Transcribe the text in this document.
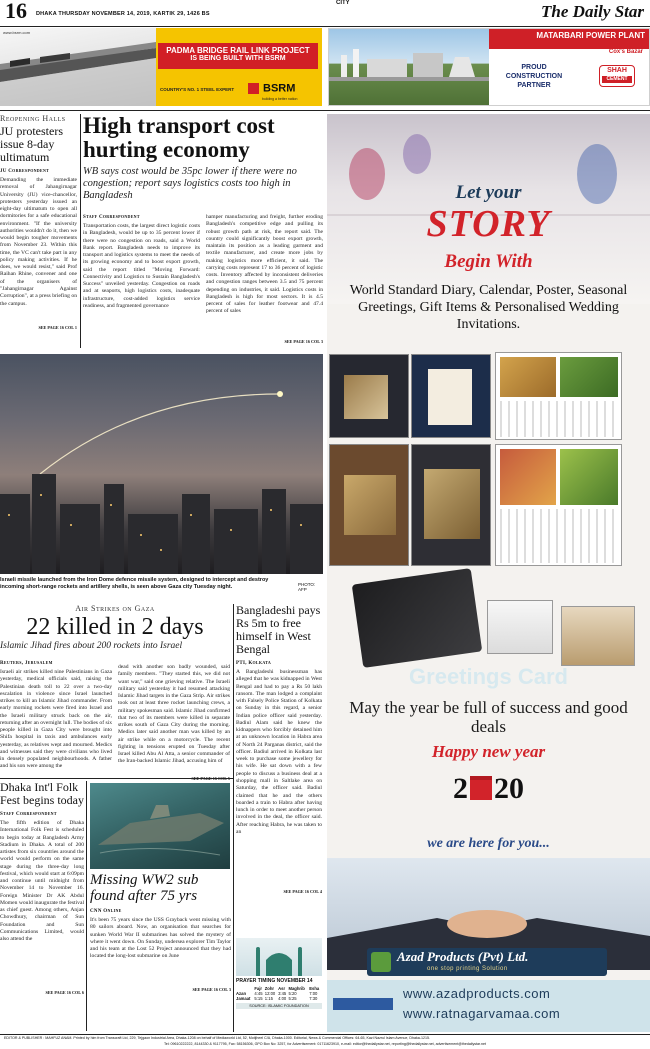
16 DHAKA THURSDAY NOVEMBER 14, 2019, KARTIK 29, 1426 BS
CITY	The Daily Star
www.bsrm.com
PADMA BRIDGE RAIL LINK PROJECT
IS BEING BUILT WITH BSRM
COUNTRY'S NO. 1 STEEL EXPERT	BSRM
building a better nation
MATARBARI POWER PLANT
Cox's Bazar
PROUD
CONSTRUCTION
PARTNER
SHAH
CEMENT
Reopening Halls
JU protesters issue 8-day ultimatum
JU Correspondent
Demanding the immediate removal of Jahangirnagar University (JU) vice-chancellor, protesters yesterday issued an eight-day ultimatum to open all dormitories for a safe educational environment. "If the university authorities wouldn't do it, then we would begin tougher movements from November 23. Within this time, the VC can't take part in any policy making activities. If he does, we would resist," said Prof Raihan Rhine, convener and one of the organisers of "Jahangirnagar Against Corruption", at a press briefing on the campus.
SEE PAGE 16 COL 1
High transport cost hurting economy
WB says cost would be 35pc lower if there were no congestion; report says logistics costs too high in Bangladesh
Staff Correspondent
Transportation costs, the largest direct logistic costs in Bangladesh, would be up to 35 percent lower if there were no congestion on roads, said a World Bank report. Bangladesh needs to improve its transport and logistics systems to meet the needs of its growing economy and to boost export growth, said the report titled "Moving Forward: Connectivity and Logistics to Sustain Bangladesh's Success" unveiled yesterday. Congestion on roads and at seaports, high logistics costs, inadequate infrastructure, cost-added logistics service readiness, and fragmented governance
hamper manufacturing and freight, further eroding Bangladesh's competitive edge and pulling its robust growth path at risk, the report said. The country could significantly boost export growth, maintain its position as a leading garment and textile manufacturer, and create more jobs by making logistics more efficient, it said. The carrying costs represent 17 to 36 percent of logistic costs. Inventory affected by inconsistent deliveries and congestion ranges between 3.5 and 75 percent depending on industries, it said. Logistics costs in Bangladesh is high for most sectors. It is 4.5 percent of sales for leather footwear and 47.4 percent of sales
SEE PAGE 16 COL 3
Israeli missile launched from the Iron Dome defence missile system, designed to intercept and destroy incoming short-range rockets and artillery shells, is seen above Gaza city Tuesday night.	PHOTO: AFP
Air Strikes on Gaza
22 killed in 2 days
Islamic Jihad fires about 200 rockets into Israel
Reuters, Jerusalem
Israeli air strikes killed nine Palestinians in Gaza yesterday, medical officials said, raising the Palestinian death toll to 22 over a two-day escalation in violence since Israel launched strikes to kill an Islamic Jihad commander. From early morning rockets were fired into Israel and the Israeli military struck back on the air, returning after an overnight lull. The bodies of six people killed in Gaza City were brought into Shifa hospital in taxis and ambulances early yesterday, as relatives wept and mourned. Medics and witnesses said they were civilians who lived in densely populated neighbourhoods. A father and his son were among the
dead with another son badly wounded, said family members. "They started this, we did not want war," said one grieving relative. The Israeli military said yesterday it had resumed attacking Islamic Jihad targets in the Gaza Strip. Air strikes took out at least three rocket launching crews, a military spokesman said. Islamic Jihad confirmed that two of its members were killed in separate strikes south of Gaza City during the morning. Medics later said another man was killed by an air strike while on a motorcycle. The recent fighting in tensions erupted on Tuesday after Israel killed Abu Al Atta, a senior commander of the Iran-backed Islamic Jihad, accusing him of
Bangladeshi pays Rs 5m to free himself in West Bengal
PTI, Kolkata
A Bangladeshi businessman has alleged that he was kidnapped in West Bengal and had to pay a Rs 50 lakh ransom. The man lodged a complaint with Falsely Police Station of Kolkata on Sunday in this regard, a senior Indian police officer said yesterday. Badiul Alam said he knew the kidnappers who forcibly detained him at an unknown location in Habra area of North 24 Parganas district, said the officer. Badiul arrived in Kolkata last week to purchase some jewellery for his wife. He sat down with a few people to discuss a business deal at a shopping mall in Saltlake area on Saturday, the officer said. Badiul claimed that he and the others boarded a train to Habra after having lunch in order to meet another person involved in the deal, the officer said. After reaching Habra, he was taken to an
SEE PAGE 16 COL 4
Dhaka Int'l Folk Fest begins today
Staff Correspondent
The fifth edition of Dhaka International Folk Fest is scheduled to begin today at Bangladesh Army Stadium in Dhaka. A total of 200 artistes from six countries around the world would perform on the same stage during the three-day long festival, which would start at 6:09pm and continue until midnight from November 14 to November 16. Foreign Minister Dr AK Abdul Momen would inaugurate the festival as chief guest. Among others, Anjan Chowdhury, chairman of Sun Foundation and Sun Communications Limited, would also attend the
SEE PAGE 16 COL 6
Missing WW2 sub found after 75 yrs
CNN Online
It's been 75 years since the USS Grayback went missing with 80 sailors aboard. Now, an organisation that searches for sunken World War II submarines has solved the mystery of where it went down. On Sunday, undersea explorer Tim Taylor and his team at the Lost 52 Project announced that they had located the long-lost submarine on June
SEE PAGE 16 COL 3
PRAYER TIMING NOVEMBER 14
	Fajr	Zohr	Asr	Maghrib	Esha
Azan	4:45	12:00	3:45	5:20	7:00
Jamaat	5:15	1:15	4:00	5:25	7:30
SOURCE: ISLAMIC FOUNDATION
Let your
STORY
Begin With
World Standard Diary, Calendar, Poster, Seasonal Greetings, Gift Items & Personalised Wedding Invitations.
Greetings Card
May the year be full of success and good deals
Happy new year
2 20
we are here for you...
Azad Products (Pvt) Ltd.
one stop printing Solution
www.azadproducts.com
www.ratnagarvamaa.com
EDITOR & PUBLISHER : MAHFUZ ANAM. Printed by him from Transcraft Ltd, 229, Tejgaon Industrial Area, Dhaka-1208 on behalf of Mediaworld Ltd, 52, Motijheel C/A, Dhaka-1000. Editorial, News & Commercial Offices: 64-65, Kazi Nazrul Islam Avenue, Dhaka-1215.
Tel: 09610222222, 8144330 & 9117795, Fax: 58156306, GPO Box No: 3257, for Advertisement: 01711623910, e-mail: editor@thedailystar.net, reporting@thedailystar.net, advertisement@thedailystar.net
